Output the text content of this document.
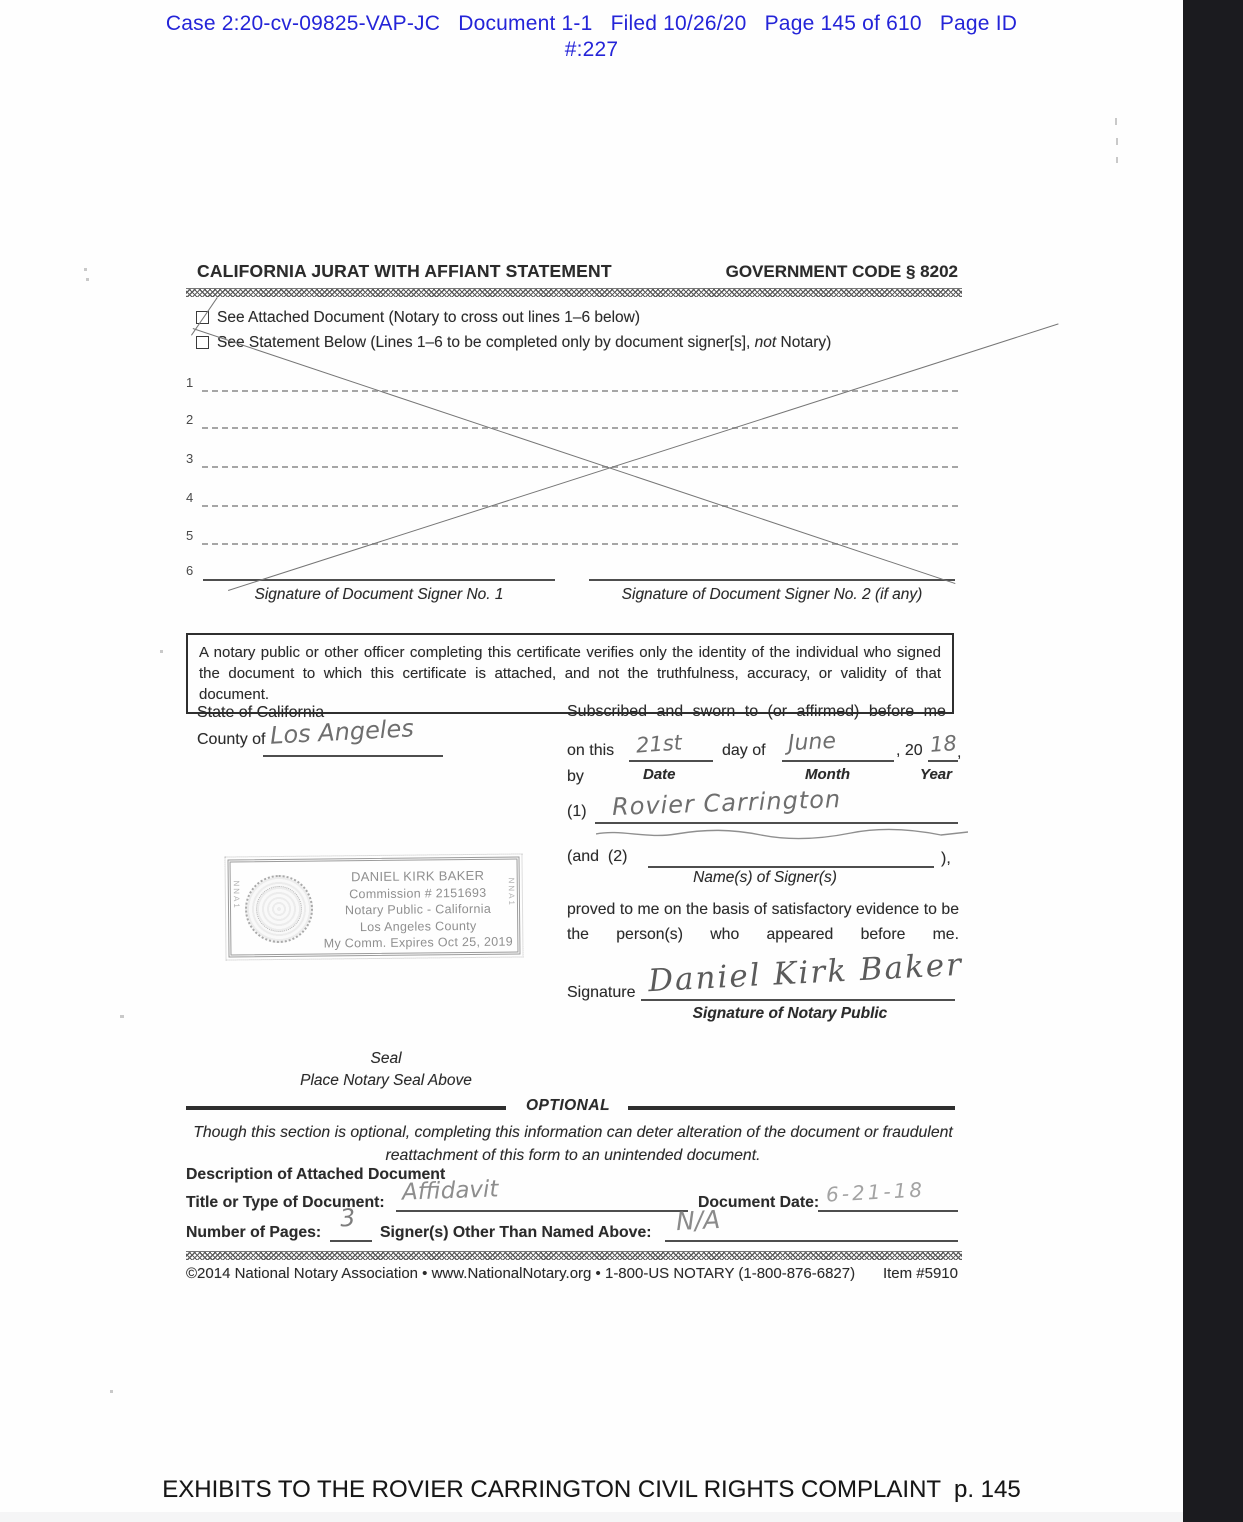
Case 2:20-cv-09825-VAP-JC   Document 1-1   Filed 10/26/20   Page 145 of 610   Page ID
#:227
CALIFORNIA JURAT WITH AFFIANT STATEMENT	GOVERNMENT CODE § 8202
See Attached Document (Notary to cross out lines 1–6 below)
See Statement Below (Lines 1–6 to be completed only by document signer[s], not Notary)
1
2
3
4
5
6
Signature of Document Signer No. 1	Signature of Document Signer No. 2 (if any)
A notary public or other officer completing this certificate verifies only the identity of the individual who signed the document to which this certificate is attached, and not the truthfulness, accuracy, or validity of that document.
State of California
County of Los Angeles
Subscribed and sworn to (or affirmed) before me
on this 21st day of June	, 20 18 ,
by	Date	Month	Year
(1) Rovier Carrington
(and  (2)	),
Name(s) of Signer(s)
proved to me on the basis of satisfactory evidence to be the person(s) who appeared before me.
Signature Daniel Kirk Baker
Signature of Notary Public
NNA1	NNA1
DANIEL KIRK BAKER
Commission # 2151693
Notary Public - California
Los Angeles County
My Comm. Expires Oct 25, 2019
Seal
Place Notary Seal Above
OPTIONAL
Though this section is optional, completing this information can deter alteration of the document or fraudulent reattachment of this form to an unintended document.
Description of Attached Document
Title or Type of Document: Affidavit	Document Date: 6-21-18
Number of Pages:
3
Signer(s) Other Than Named Above: N/A
©2014 National Notary Association • www.NationalNotary.org • 1-800-US NOTARY (1-800-876-6827) Item #5910
EXHIBITS TO THE ROVIER CARRINGTON CIVIL RIGHTS COMPLAINT  p. 145
